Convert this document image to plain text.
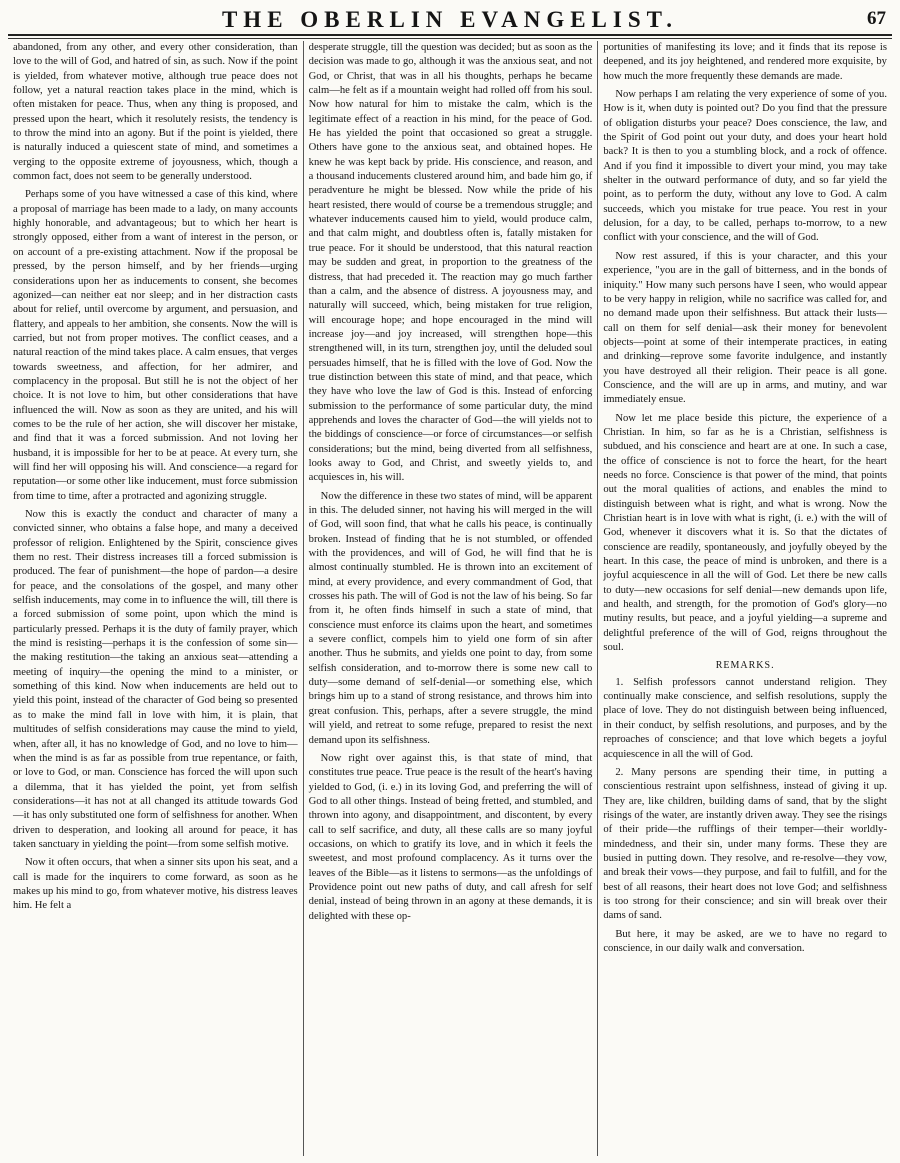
THE OBERLIN EVANGELIST.	67

abandoned, from any other, and every other consideration, than love to the will of God, and hatred of sin, as such. Now if the point is yielded, from whatever motive, although true peace does not follow, yet a natural reaction takes place in the mind, which is often mistaken for peace. Thus, when any thing is proposed, and pressed upon the heart, which it resolutely resists, the tendency is to throw the mind into an agony. But if the point is yielded, there is naturally induced a quiescent state of mind, and sometimes a verging to the opposite extreme of joyousness, which, though a common fact, does not seem to be generally understood.

Perhaps some of you have witnessed a case of this kind, where a proposal of marriage has been made to a lady, on many accounts highly honorable, and advantageous; but to which her heart is strongly opposed, either from a want of interest in the person, or on account of a pre-existing attachment. Now if the proposal be pressed, by the person himself, and by her friends—urging considerations upon her as inducements to consent, she becomes agonized—can neither eat nor sleep; and in her distraction casts about for relief, until overcome by argument, and persuasion, and flattery, and appeals to her ambition, she consents. Now the will is carried, but not from proper motives. The conflict ceases, and a natural reaction of the mind takes place. A calm ensues, that verges towards sweetness, and affection, for her admirer, and complacency in the proposal. But still he is not the object of her choice. It is not love to him, but other considerations that have influenced the will. Now as soon as they are united, and his will comes to be the rule of her action, she will discover her mistake, and find that it was a forced submission. And not loving her husband, it is impossible for her to be at peace. At every turn, she will find her will opposing his will. And conscience—a regard for reputation—or some other like inducement, must force submission from time to time, after a protracted and agonizing struggle.

Now this is exactly the conduct and character of many a convicted sinner, who obtains a false hope, and many a deceived professor of religion. Enlightened by the Spirit, conscience gives them no rest. Their distress increases till a forced submission is produced. The fear of punishment—the hope of pardon—a desire for peace, and the consolations of the gospel, and many other selfish inducements, may come in to influence the will, till there is a forced submission of some point, upon which the mind is particularly pressed. Perhaps it is the duty of family prayer, which the mind is resisting—perhaps it is the confession of some sin—the making restitution—the taking an anxious seat—attending a meeting of inquiry—the opening the mind to a minister, or something of this kind. Now when inducements are held out to yield this point, instead of the character of God being so presented as to make the mind fall in love with him, it is plain, that multitudes of selfish considerations may cause the mind to yield, when, after all, it has no knowledge of God, and no love to him—when the mind is as far as possible from true repentance, or faith, or love to God, or man. Conscience has forced the will upon such a dilemma, that it has yielded the point, yet from selfish considerations—it has not at all changed its attitude towards God—it has only substituted one form of selfishness for another. When driven to desperation, and looking all around for peace, it has taken sanctuary in yielding the point—from some selfish motive.

Now it often occurs, that when a sinner sits upon his seat, and a call is made for the inquirers to come forward, as soon as he makes up his mind to go, from whatever motive, his distress leaves him. He felt a

desperate struggle, till the question was decided; but as soon as the decision was made to go, although it was the anxious seat, and not God, or Christ, that was in all his thoughts, perhaps he became calm—he felt as if a mountain weight had rolled off from his soul. Now how natural for him to mistake the calm, which is the legitimate effect of a reaction in his mind, for the peace of God. He has yielded the point that occasioned so great a struggle. Others have gone to the anxious seat, and obtained hopes. He knew he was kept back by pride. His conscience, and reason, and a thousand inducements clustered around him, and bade him go, if peradventure he might be blessed. Now while the pride of his heart resisted, there would of course be a tremendous struggle; and whatever inducements caused him to yield, would produce calm, and that calm might, and doubtless often is, fatally mistaken for true peace. For it should be understood, that this natural reaction may be sudden and great, in proportion to the greatness of the distress, that had preceded it. The reaction may go much farther than a calm, and the absence of distress. A joyousness may, and naturally will succeed, which, being mistaken for true religion, will encourage hope; and hope encouraged in the mind will increase joy—and joy increased, will strengthen hope—this strengthened will, in its turn, strengthen joy, until the deluded soul persuades himself, that he is filled with the love of God. Now the true distinction between this state of mind, and that peace, which they have who love the law of God is this. Instead of enforcing submission to the performance of some particular duty, the mind apprehends and loves the character of God—the will yields not to the biddings of conscience—or force of circumstances—or selfish considerations; but the mind, being diverted from all selfishness, looks away to God, and Christ, and sweetly yields to, and acquiesces in, his will.

Now the difference in these two states of mind, will be apparent in this. The deluded sinner, not having his will merged in the will of God, will soon find, that what he calls his peace, is continually broken. Instead of finding that he is not stumbled, or offended with the providences, and will of God, he will find that he is almost continually stumbled. He is thrown into an excitement of mind, at every providence, and every commandment of God, that crosses his path. The will of God is not the law of his being. So far from it, he often finds himself in such a state of mind, that conscience must enforce its claims upon the heart, and sometimes a severe conflict, compels him to yield one form of sin after another. Thus he submits, and yields one point to day, from some selfish consideration, and to-morrow there is some new call to duty—some demand of self-denial—or something else, which brings him up to a stand of strong resistance, and throws him into great confusion. This, perhaps, after a severe struggle, the mind will yield, and retreat to some refuge, prepared to resist the next demand upon its selfishness.

Now right over against this, is that state of mind, that constitutes true peace. True peace is the result of the heart's having yielded to God, (i. e.) in its loving God, and preferring the will of God to all other things. Instead of being fretted, and stumbled, and thrown into agony, and disappointment, and discontent, by every call to self sacrifice, and duty, all these calls are so many joyful occasions, on which to gratify its love, and in which it feels the sweetest, and most profound complacency. As it turns over the leaves of the Bible—as it listens to sermons—as the unfoldings of Providence point out new paths of duty, and call afresh for self denial, instead of being thrown in an agony at these demands, it is delighted with these op-

portunities of manifesting its love; and it finds that its repose is deepened, and its joy heightened, and rendered more exquisite, by how much the more frequently these demands are made.

Now perhaps I am relating the very experience of some of you. How is it, when duty is pointed out? Do you find that the pressure of obligation disturbs your peace? Does conscience, the law, and the Spirit of God point out your duty, and does your heart hold back? It is then to you a stumbling block, and a rock of offence. And if you find it impossible to divert your mind, you may take shelter in the outward performance of duty, and so far yield the point, as to perform the duty, without any love to God. A calm succeeds, which you mistake for true peace. You rest in your delusion, for a day, to be called, perhaps to-morrow, to a new conflict with your conscience, and the will of God.

Now rest assured, if this is your character, and this your experience, "you are in the gall of bitterness, and in the bonds of iniquity." How many such persons have I seen, who would appear to be very happy in religion, while no sacrifice was called for, and no demand made upon their selfishness. But attack their lusts—call on them for self denial—ask their money for benevolent objects—point at some of their intemperate practices, in eating and drinking—reprove some favorite indulgence, and instantly you have destroyed all their religion. Their peace is all gone. Conscience, and the will are up in arms, and mutiny, and war immediately ensue.

Now let me place beside this picture, the experience of a Christian. In him, so far as he is a Christian, selfishness is subdued, and his conscience and heart are at one. In such a case, the office of conscience is not to force the heart, for the heart needs no force. Conscience is that power of the mind, that points out the moral qualities of actions, and enables the mind to distinguish between what is right, and what is wrong. Now the Christian heart is in love with what is right, (i. e.) with the will of God, whenever it discovers what it is. So that the dictates of conscience are readily, spontaneously, and joyfully obeyed by the heart. In this case, the peace of mind is unbroken, and there is a joyful acquiescence in all the will of God. Let there be new calls to duty—new occasions for self denial—new demands upon life, and health, and strength, for the promotion of God's glory—no mutiny results, but peace, and a joyful yielding—a supreme and delightful preference of the will of God, reigns throughout the soul.

REMARKS.

1. Selfish professors cannot understand religion. They continually make conscience, and selfish resolutions, supply the place of love. They do not distinguish between being influenced, in their conduct, by selfish resolutions, and purposes, and by the reproaches of conscience; and that love which begets a joyful acquiescence in all the will of God.

2. Many persons are spending their time, in putting a conscientious restraint upon selfishness, instead of giving it up. They are, like children, building dams of sand, that by the slight risings of the water, are instantly driven away. They see the risings of their pride—the rufflings of their temper—their worldly-mindedness, and their sin, under many forms. These they are busied in putting down. They resolve, and re-resolve—they vow, and break their vows—they purpose, and fail to fulfill, and for the best of all reasons, their heart does not love God; and selfishness is too strong for their conscience; and sin will break over their dams of sand.

But here, it may be asked, are we to have no regard to conscience, in our daily walk and conversation.
